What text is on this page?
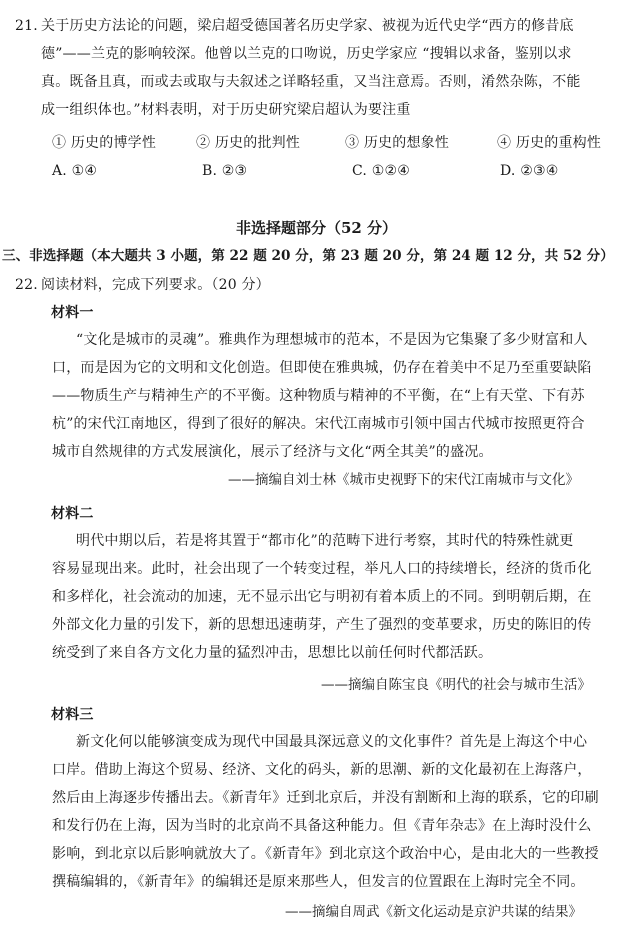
21. 关于历史方法论的问题，梁启超受德国著名历史学家、被视为近代史学“西方的修昔底
德”——兰克的影响较深。他曾以兰克的口吻说，历史学家应 “搜辑以求备，鉴别以求
真。既备且真，而或去或取与夫叙述之详略轻重，又当注意焉。否则，淆然杂陈，不能
成一组织体也。”材料表明，对于历史研究梁启超认为要注重
① 历史的博学性	② 历史的批判性	③ 历史的想象性	④ 历史的重构性
A. ①④	B. ②③	C. ①②④	D. ②③④
非选择题部分（52 分）
三、非选择题（本大题共 3 小题，第 22 题 20 分，第 23 题 20 分，第 24 题 12 分，共 52 分）
22. 阅读材料，完成下列要求。（20 分）
材料一
“文化是城市的灵魂”。雅典作为理想城市的范本，不是因为它集聚了多少财富和人
口，而是因为它的文明和文化创造。但即使在雅典城，仍存在着美中不足乃至重要缺陷
——物质生产与精神生产的不平衡。这种物质与精神的不平衡，在“上有天堂、下有苏
杭”的宋代江南地区，得到了很好的解决。宋代江南城市引领中国古代城市按照更符合
城市自然规律的方式发展演化，展示了经济与文化“两全其美”的盛况。
——摘编自刘士林《城市史视野下的宋代江南城市与文化》
材料二
明代中期以后，若是将其置于“都市化”的范畴下进行考察，其时代的特殊性就更
容易显现出来。此时，社会出现了一个转变过程，举凡人口的持续增长，经济的货币化
和多样化，社会流动的加速，无不显示出它与明初有着本质上的不同。到明朝后期，在
外部文化力量的引发下，新的思想迅速萌芽，产生了强烈的变革要求，历史的陈旧的传
统受到了来自各方文化力量的猛烈冲击，思想比以前任何时代都活跃。
——摘编自陈宝良《明代的社会与城市生活》
材料三
新文化何以能够演变成为现代中国最具深远意义的文化事件？首先是上海这个中心
口岸。借助上海这个贸易、经济、文化的码头，新的思潮、新的文化最初在上海落户，
然后由上海逐步传播出去。《新青年》迁到北京后，并没有割断和上海的联系，它的印刷
和发行仍在上海，因为当时的北京尚不具备这种能力。但《青年杂志》在上海时没什么
影响，到北京以后影响就放大了。《新青年》到北京这个政治中心，是由北大的一些教授
撰稿编辑的，《新青年》的编辑还是原来那些人，但发言的位置跟在上海时完全不同。
——摘编自周武《新文化运动是京沪共谋的结果》
